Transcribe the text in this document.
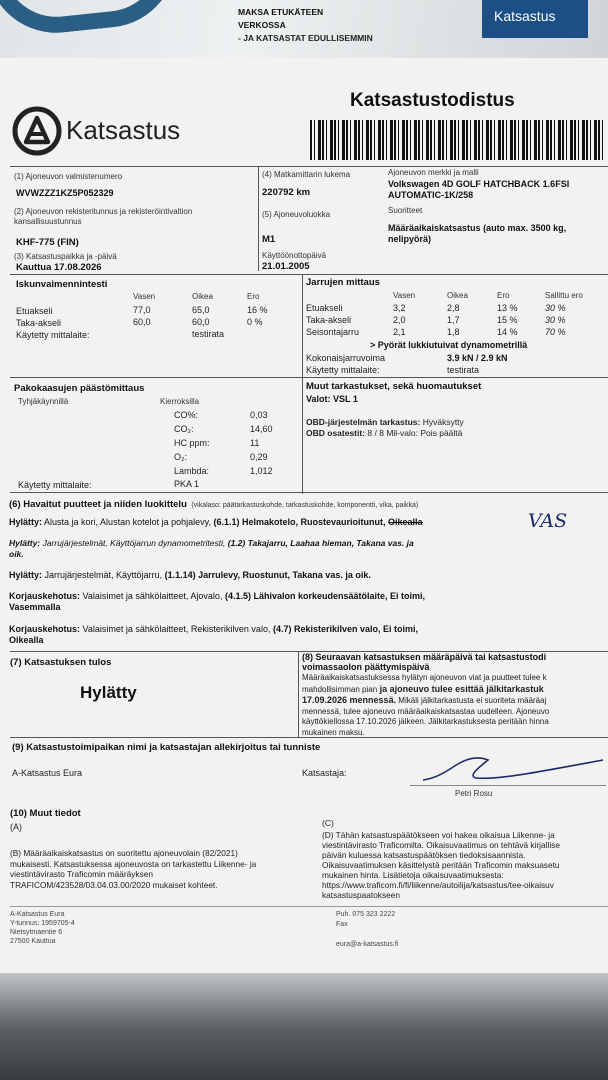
MAKSA ETUKÄTEEN VERKOSSA
- JA KATSASTAT EDULLISEMMIN
Katsastus
Katsastus
Katsastustodistus
(1) Ajoneuvon valmistenumero
WVWZZZ1KZ5P052329
(2) Ajoneuvon rekisteritunnus ja rekisteröintivaltion
kansallisuustunnus
KHF-775 (FIN)
(3) Katsastuspaikka ja -päivä
Kauttua 17.08.2026
(4) Matkamittarin lukema
220792 km
(5) Ajoneuvoluokka
M1
Käyttöönottopäivä
21.01.2005
Ajoneuvon merkki ja malli
Volkswagen 4D GOLF HATCHBACK 1.6FSI
AUTOMATIC-1K/258
Suoritteet
Määräaikaiskatsastus (auto max. 3500 kg,
nelipyörä)
Iskunvaimennintesti
Vasen	Oikea	Ero
Etuakseli	77,0	65,0	16 %
Taka-akseli	60,0	60,0	0 %
Käytetty mittalaite:	testirata
Jarrujen mittaus
Vasen	Oikea	Ero	Sallittu ero
Etuakseli	3,2	2,8	13 %	30 %
Taka-akseli	2,0	1,7	15 %	30 %
Seisontajarru	2,1	1,8	14 %	70 %
> Pyörät lukkiutuivat dynamometrillä
Kokonaisjarruvoima	3.9 kN / 2.9 kN
Käytetty mittalaite:	testirata
Pakokaasujen päästömittaus
Tyhjäkäynnillä	Kierroksilla
CO%:	0,03
CO₂:	14,60
HC ppm:	11
O₂:	0,29
Lambda:	1,012
Käytetty mittalaite:	PKA 1
Muut tarkastukset, sekä huomautukset
Valot: VSL 1
OBD-järjestelmän tarkastus: Hyväksytty
OBD osatestit: 8 / 8 Mil-valo: Pois päältä
(6) Havaitut puutteet ja niiden luokittelu (vikalaso: päätarkastuskohde, tarkastuskohde, komponentti, vika, paikka)
Hylätty: Alusta ja kori, Alustan kotelot ja pohjalevy, (6.1.1) Helmakotelo, Ruostevaurioitunut, Oikealla	VAS
Hylätty: Jarrujärjestelmät, Käyttöjarrun dynamometritesti, (1.2) Takajarru, Laahaa hieman, Takana vas. ja
oik.
Hylätty: Jarrujärjestelmät, Käyttöjarru, (1.1.14) Jarrulevy, Ruostunut, Takana vas. ja oik.
Korjauskehotus: Valaisimet ja sähkölaitteet, Ajovalo, (4.1.5) Lähivalon korkeudensäätölaite, Ei toimi,
Vasemmalla
Korjauskehotus: Valaisimet ja sähkölaitteet, Rekisterikilven valo, (4.7) Rekisterikilven valo, Ei toimi,
Oikealla
(7) Katsastuksen tulos
Hylätty
(8) Seuraavan katsastuksen määräpäivä tai katsastustodi
voimassaolon päättymispäivä
Määräaikaiskatsastuksessa hylätyn ajoneuvon viat ja puutteet tulee k
mahdollisimman pian ja ajoneuvo tulee esittää jälkitarkastuk
17.09.2026 mennessä. Mikäli jälkitarkastusta ei suoriteta määräaj
mennessä, tulee ajoneuvo määräaikaiskatsastaa uudelleen. Ajoneuvo
käyttökiellossa 17.10.2026 jälkeen. Jälkitarkastuksesta peritään hinna
mukainen maksu.
(9) Katsastustoimipaikan nimi ja katsastajan allekirjoitus tai tunniste
A-Katsastus Eura	Katsastaja:
Petri Rosu
(10) Muut tiedot
(A)
(B) Määräaikaiskatsastus on suoritettu ajoneuvolain (82/2021)
mukaisesti. Katsastuksessa ajoneuvosta on tarkastettu Liikenne- ja
viestintävirasto Traficomin määräyksen
TRAFICOM/423528/03.04.03.00/2020 mukaiset kohteet.
(C)
(D) Tähän katsastuspäätökseen voi hakea oikaisua Liikenne- ja
viestintävirasto Traficomilta. Oikaisuvaatimus on tehtävä kirjallise
päivän kuluessa katsastuspäätöksen tiedoksisaannista.
Oikaisuvaatimuksen käsittelystä peritään Traficomin maksuasetu
mukainen hinta. Lisätietoja oikaisuvaatimuksesta:
https://www.traficom.fi/fi/liikenne/autoilija/katsastus/tee-oikaisuv
katsastuspaatokseen
A-Katsastus Eura
Y-tunnus: 1959705-4
Nietsytmaentie 6
27500 Kauttua
Puh. 075 323 2222
Fax
eura@a-katsastus.fi
